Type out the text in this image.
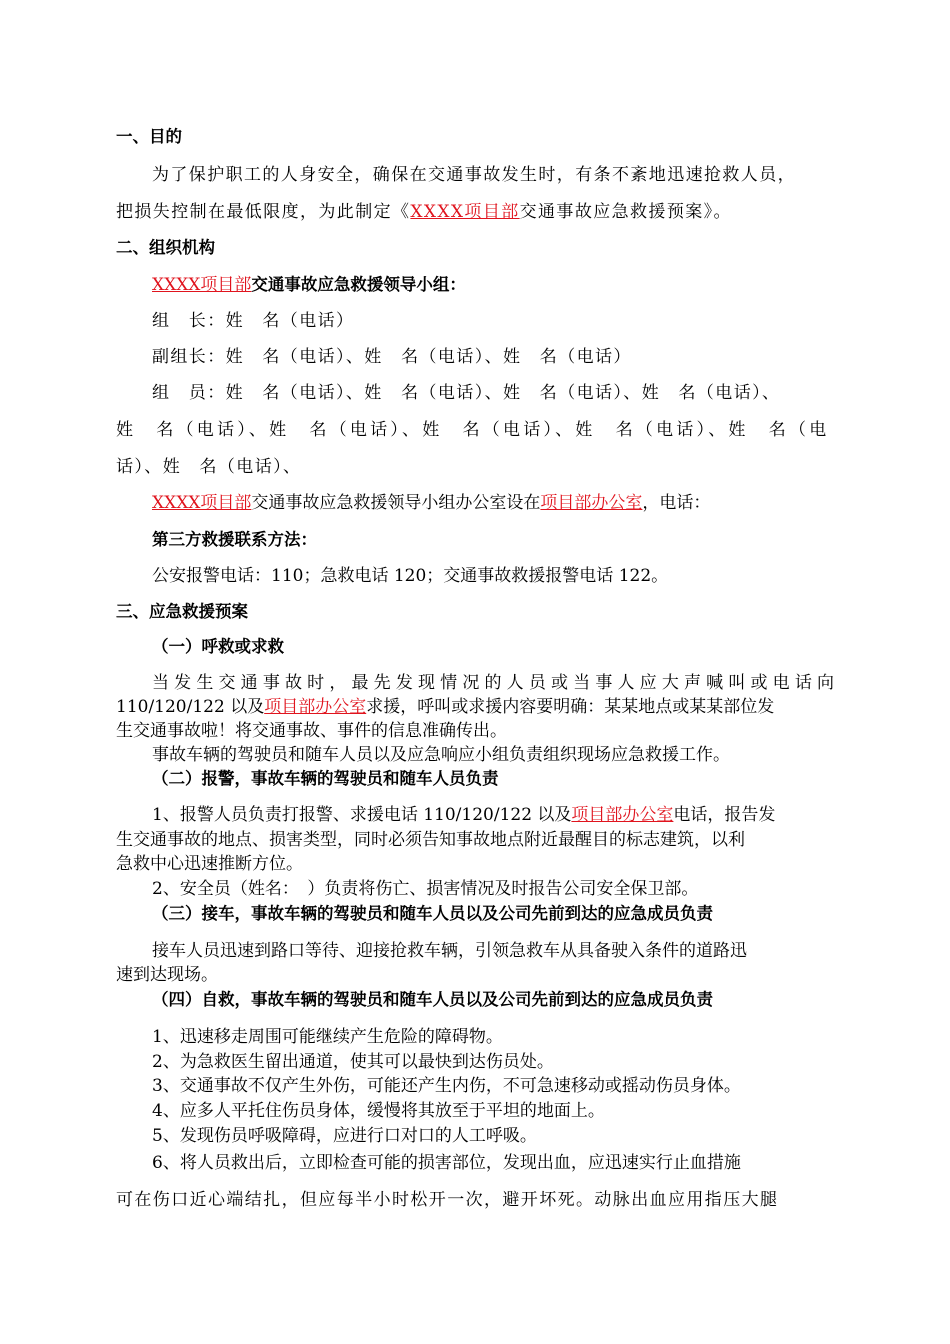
一、目的
为了保护职工的人身安全，确保在交通事故发生时，有条不紊地迅速抢救人员，
把损失控制在最低限度，为此制定《XXXX项目部交通事故应急救援预案》。
二、组织机构
XXXX项目部交通事故应急救援领导小组：
组　长：姓　名（电话）
副组长：姓　名（电话）、姓　名（电话）、姓　名（电话）
组　员：姓　名（电话）、姓　名（电话）、姓　名（电话）、姓　名（电话）、
姓　名（电话）、姓　名（电话）、姓　名（电话）、姓　名（电话）、姓　名（电
话）、姓　名（电话）、
XXXX项目部交通事故应急救援领导小组办公室设在项目部办公室，电话：
第三方救援联系方法：
公安报警电话：110；急救电话 120；交通事故救援报警电话 122。
三、应急救援预案
（一）呼救或求救
当发生交通事故时，最先发现情况的人员或当事人应大声喊叫或电话向
110/120/122 以及项目部办公室求援，呼叫或求援内容要明确：某某地点或某某部位发
生交通事故啦！将交通事故、事件的信息准确传出。
事故车辆的驾驶员和随车人员以及应急响应小组负责组织现场应急救援工作。
（二）报警，事故车辆的驾驶员和随车人员负责
1、报警人员负责打报警、求援电话 110/120/122 以及项目部办公室电话，报告发
生交通事故的地点、损害类型，同时必须告知事故地点附近最醒目的标志建筑，以利
急救中心迅速推断方位。
2、安全员（姓名：　）负责将伤亡、损害情况及时报告公司安全保卫部。
（三）接车，事故车辆的驾驶员和随车人员以及公司先前到达的应急成员负责
接车人员迅速到路口等待、迎接抢救车辆，引领急救车从具备驶入条件的道路迅
速到达现场。
（四）自救，事故车辆的驾驶员和随车人员以及公司先前到达的应急成员负责
1、迅速移走周围可能继续产生危险的障碍物。
2、为急救医生留出通道，使其可以最快到达伤员处。
3、交通事故不仅产生外伤，可能还产生内伤，不可急速移动或摇动伤员身体。
4、应多人平托住伤员身体，缓慢将其放至于平坦的地面上。
5、发现伤员呼吸障碍，应进行口对口的人工呼吸。
6、将人员救出后，立即检查可能的损害部位，发现出血，应迅速实行止血措施
可在伤口近心端结扎，但应每半小时松开一次，避开坏死。动脉出血应用指压大腿
